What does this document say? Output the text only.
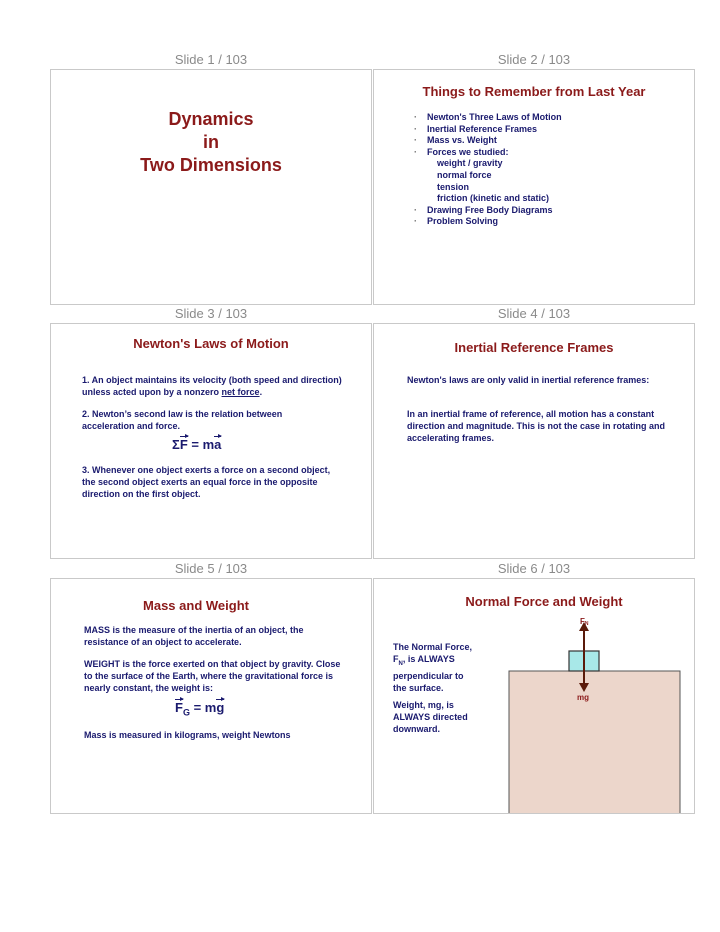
Slide 1 / 103	Slide 2 / 103
Slide 3 / 103	Slide 4 / 103
Slide 5 / 103	Slide 6 / 103
Dynamics
in
Two Dimensions
Things to Remember from Last Year
· Newton's Three Laws of Motion
· Inertial Reference Frames
· Mass vs. Weight
· Forces we studied:
weight / gravity
normal force
tension
friction (kinetic and static)
· Drawing Free Body Diagrams
· Problem Solving
Newton's Laws of Motion
1. An object maintains its velocity (both speed and direction) unless acted upon by a nonzero net force.
2. Newton’s second law is the relation between acceleration and force.
ΣF = ma
3. Whenever one object exerts a force on a second object, the second object exerts an equal force in the opposite direction on the first object.
Inertial Reference Frames
Newton's laws are only valid in inertial reference frames:
In an inertial frame of reference, all motion has a constant direction and magnitude. This is not the case in rotating and accelerating frames.
Mass and Weight
MASS is the measure of the inertia of an object, the resistance of an object to accelerate.
WEIGHT is the force exerted on that object by gravity. Close to the surface of the Earth, where the gravitational force is nearly constant, the weight is:
$F_G$ = mg
Mass is measured in kilograms, weight Newtons
Normal Force and Weight
The Normal Force,
$F_N$, is ALWAYS
perpendicular to
the surface.
Weight, mg, is ALWAYS directed downward.
FN
mg
